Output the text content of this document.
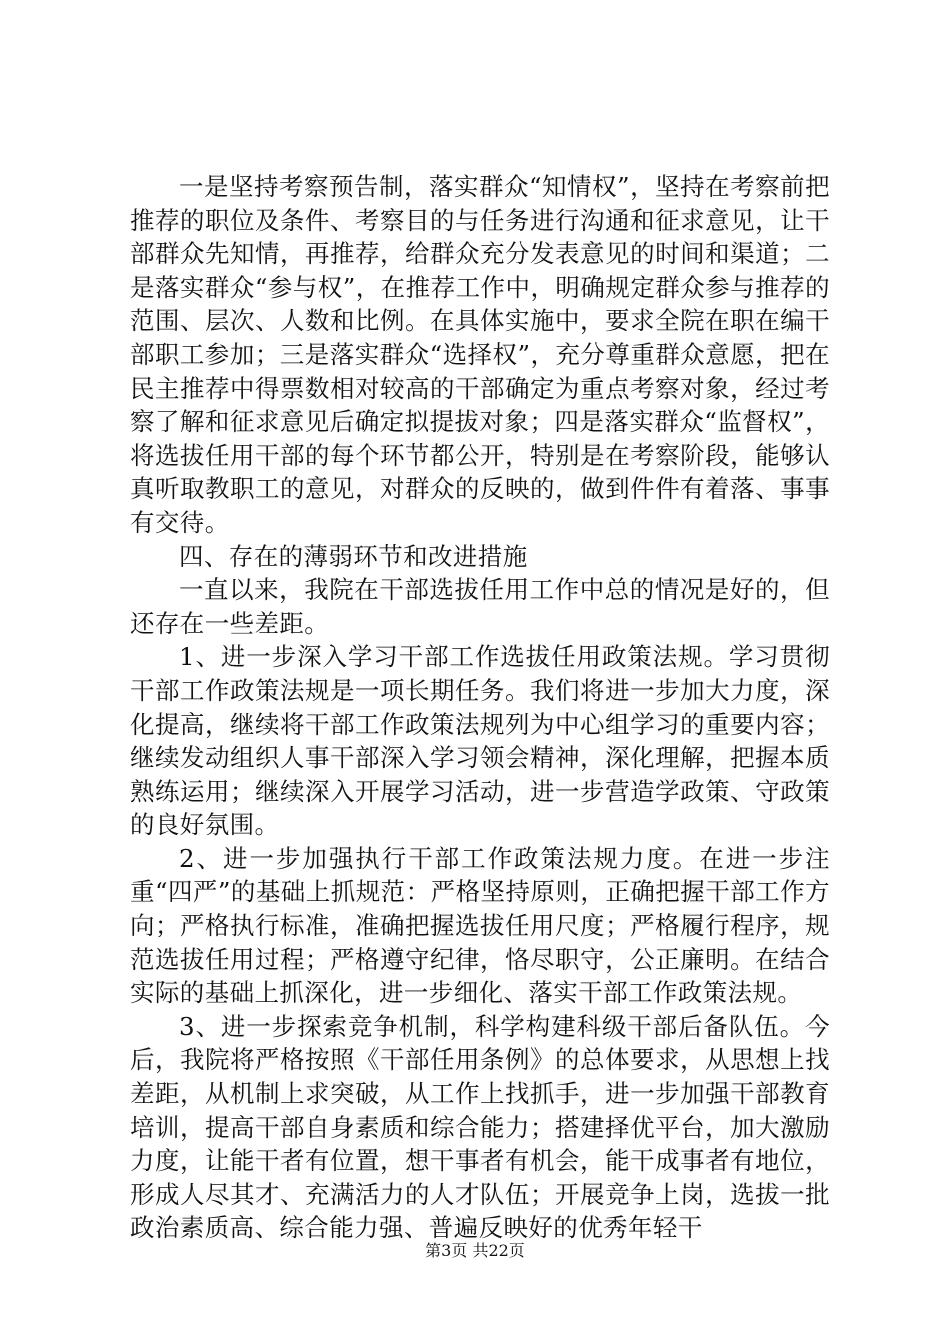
一是坚持考察预告制，落实群众“知情权”，坚持在考察前把推荐的职位及条件、考察目的与任务进行沟通和征求意见，让干部群众先知情，再推荐，给群众充分发表意见的时间和渠道；二是落实群众“参与权”，在推荐工作中，明确规定群众参与推荐的范围、层次、人数和比例。在具体实施中，要求全院在职在编干部职工参加；三是落实群众“选择权”，充分尊重群众意愿，把在民主推荐中得票数相对较高的干部确定为重点考察对象，经过考察了解和征求意见后确定拟提拔对象；四是落实群众“监督权”，将选拔任用干部的每个环节都公开，特别是在考察阶段，能够认真听取教职工的意见，对群众的反映的，做到件件有着落、事事有交待。

四、存在的薄弱环节和改进措施

一直以来，我院在干部选拔任用工作中总的情况是好的，但还存在一些差距。

1、进一步深入学习干部工作选拔任用政策法规。学习贯彻干部工作政策法规是一项长期任务。我们将进一步加大力度，深化提高，继续将干部工作政策法规列为中心组学习的重要内容；继续发动组织人事干部深入学习领会精神，深化理解，把握本质熟练运用；继续深入开展学习活动，进一步营造学政策、守政策的良好氛围。

2、进一步加强执行干部工作政策法规力度。在进一步注重“四严”的基础上抓规范：严格坚持原则，正确把握干部工作方向；严格执行标准，准确把握选拔任用尺度；严格履行程序，规范选拔任用过程；严格遵守纪律，恪尽职守，公正廉明。在结合实际的基础上抓深化，进一步细化、落实干部工作政策法规。

3、进一步探索竞争机制，科学构建科级干部后备队伍。今后，我院将严格按照《干部任用条例》的总体要求，从思想上找差距，从机制上求突破，从工作上找抓手，进一步加强干部教育培训，提高干部自身素质和综合能力；搭建择优平台，加大激励力度，让能干者有位置，想干事者有机会，能干成事者有地位，形成人尽其才、充满活力的人才队伍；开展竞争上岗，选拔一批政治素质高、综合能力强、普遍反映好的优秀年轻干

第3页 共22页
